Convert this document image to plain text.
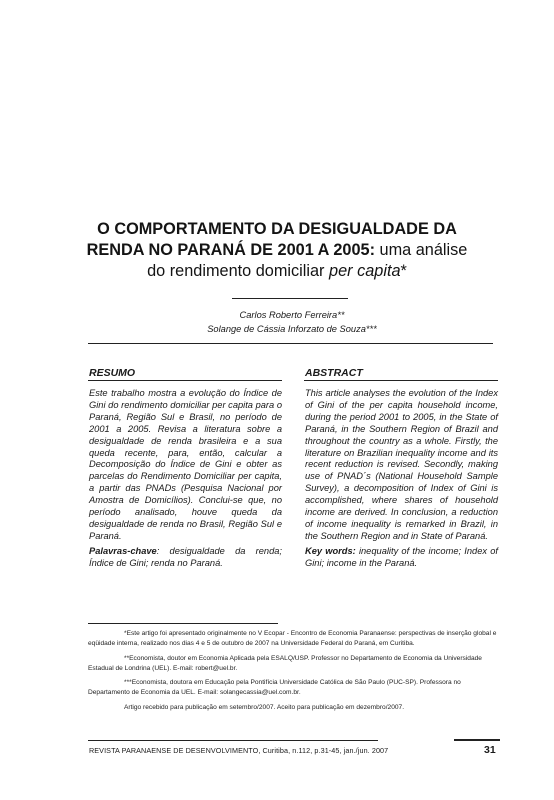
O COMPORTAMENTO DA DESIGUALDADE DA
RENDA NO PARANÁ DE 2001 A 2005: uma análise
do rendimento domiciliar per capita*
Carlos Roberto Ferreira**
Solange de Cássia Inforzato de Souza***
RESUMO

Este trabalho mostra a evolução do Índice de Gini do rendimento domiciliar per capita para o Paraná, Região Sul e Brasil, no período de 2001 a 2005. Revisa a literatura sobre a desigualdade de renda brasileira e a sua queda recente, para, então, calcular a Decomposição do Índice de Gini e obter as parcelas do Rendimento Domiciliar per capita, a partir das PNADs (Pesquisa Nacional por Amostra de Domicílios). Conclui-se que, no período analisado, houve queda da desigualdade de renda no Brasil, Região Sul e Paraná.

Palavras-chave: desigualdade da renda; Índice de Gini; renda no Paraná.

ABSTRACT

This article analyses the evolution of the Index of Gini of the per capita household income, during the period 2001 to 2005, in the State of Paraná, in the Southern Region of Brazil and throughout the country as a whole. Firstly, the literature on Brazilian inequality income and its recent reduction is revised. Secondly, making use of PNAD´s (National Household Sample Survey), a decomposition of Index of Gini is accomplished, where shares of household income are derived. In conclusion, a reduction of income inequality is remarked in Brazil, in the Southern Region and in State of Paraná.

Key words: inequality of the income; Index of Gini; income in the Paraná.

*Este artigo foi apresentado originalmente no V Ecopar - Encontro de Economia Paranaense: perspectivas de inserção global e eqüidade interna, realizado nos dias 4 e 5 de outubro de 2007 na Universidade Federal do Paraná, em Curitiba.

**Economista, doutor em Economia Aplicada pela ESALQ/USP. Professor no Departamento de Economia da Universidade Estadual de Londrina (UEL). E-mail: robert@uel.br.

***Economista, doutora em Educação pela Pontifícia Universidade Católica de São Paulo (PUC-SP). Professora no Departamento de Economia da UEL. E-mail: solangecassia@uel.com.br.

Artigo recebido para publicação em setembro/2007. Aceito para publicação em dezembro/2007.

REVISTA PARANAENSE DE DESENVOLVIMENTO, Curitiba, n.112, p.31-45, jan./jun. 2007	31
